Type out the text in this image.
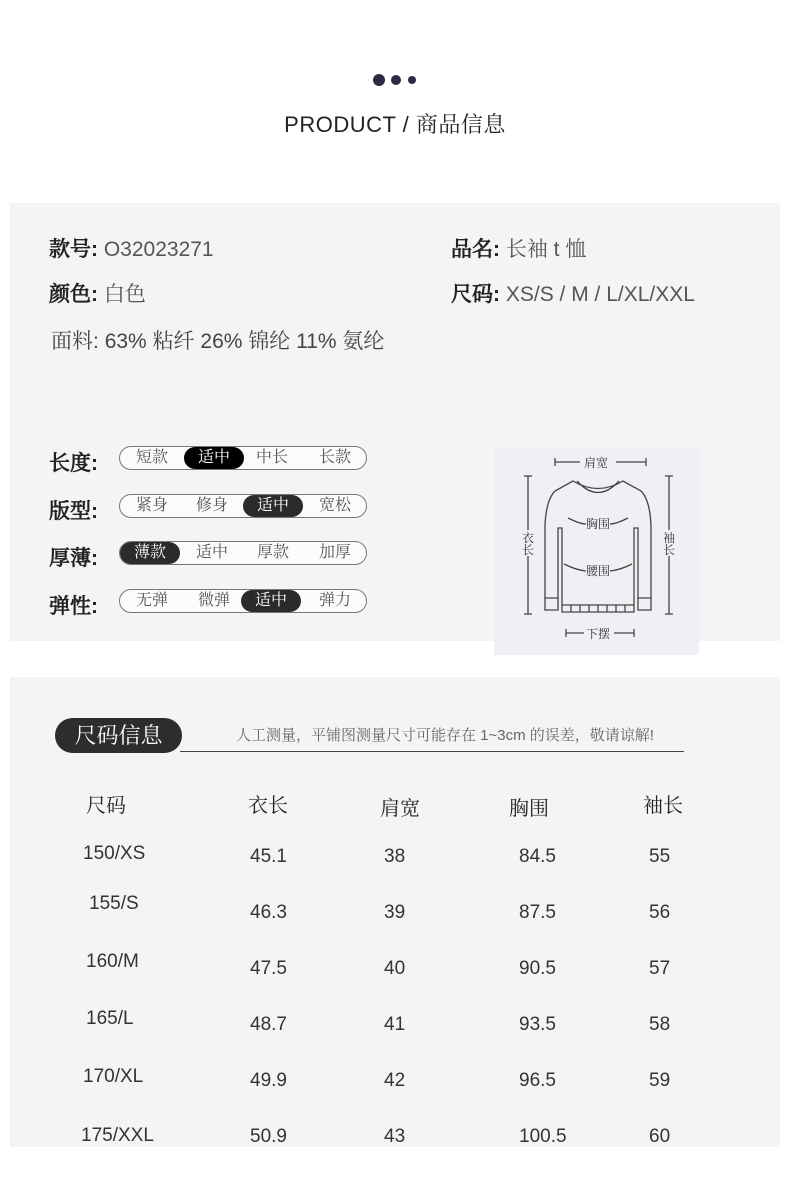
PRODUCT / 商品信息
款号: O32023271	品名: 长袖 t 恤
颜色: 白色	尺码: XS/S / M / L/XL/XXL
面料: 63% 粘纤 26% 锦纶 11% 氨纶
长度:	短款	适中	中长	长款
版型:	紧身	修身	适中	宽松
厚薄:	薄款	适中	厚款	加厚
弹性:	无弹	微弹	适中	弹力
肩宽
胸围
腰围
衣长
袖长
下摆
尺码信息	人工测量，平铺图测量尺寸可能存在 1~3cm 的误差，敬请谅解!
尺码	衣长	肩宽	胸围	袖长
150/XS	45.1	38	84.5	55
155/S	46.3	39	87.5	56
160/M	47.5	40	90.5	57
165/L	48.7	41	93.5	58
170/XL	49.9	42	96.5	59
175/XXL	50.9	43	100.5	60
